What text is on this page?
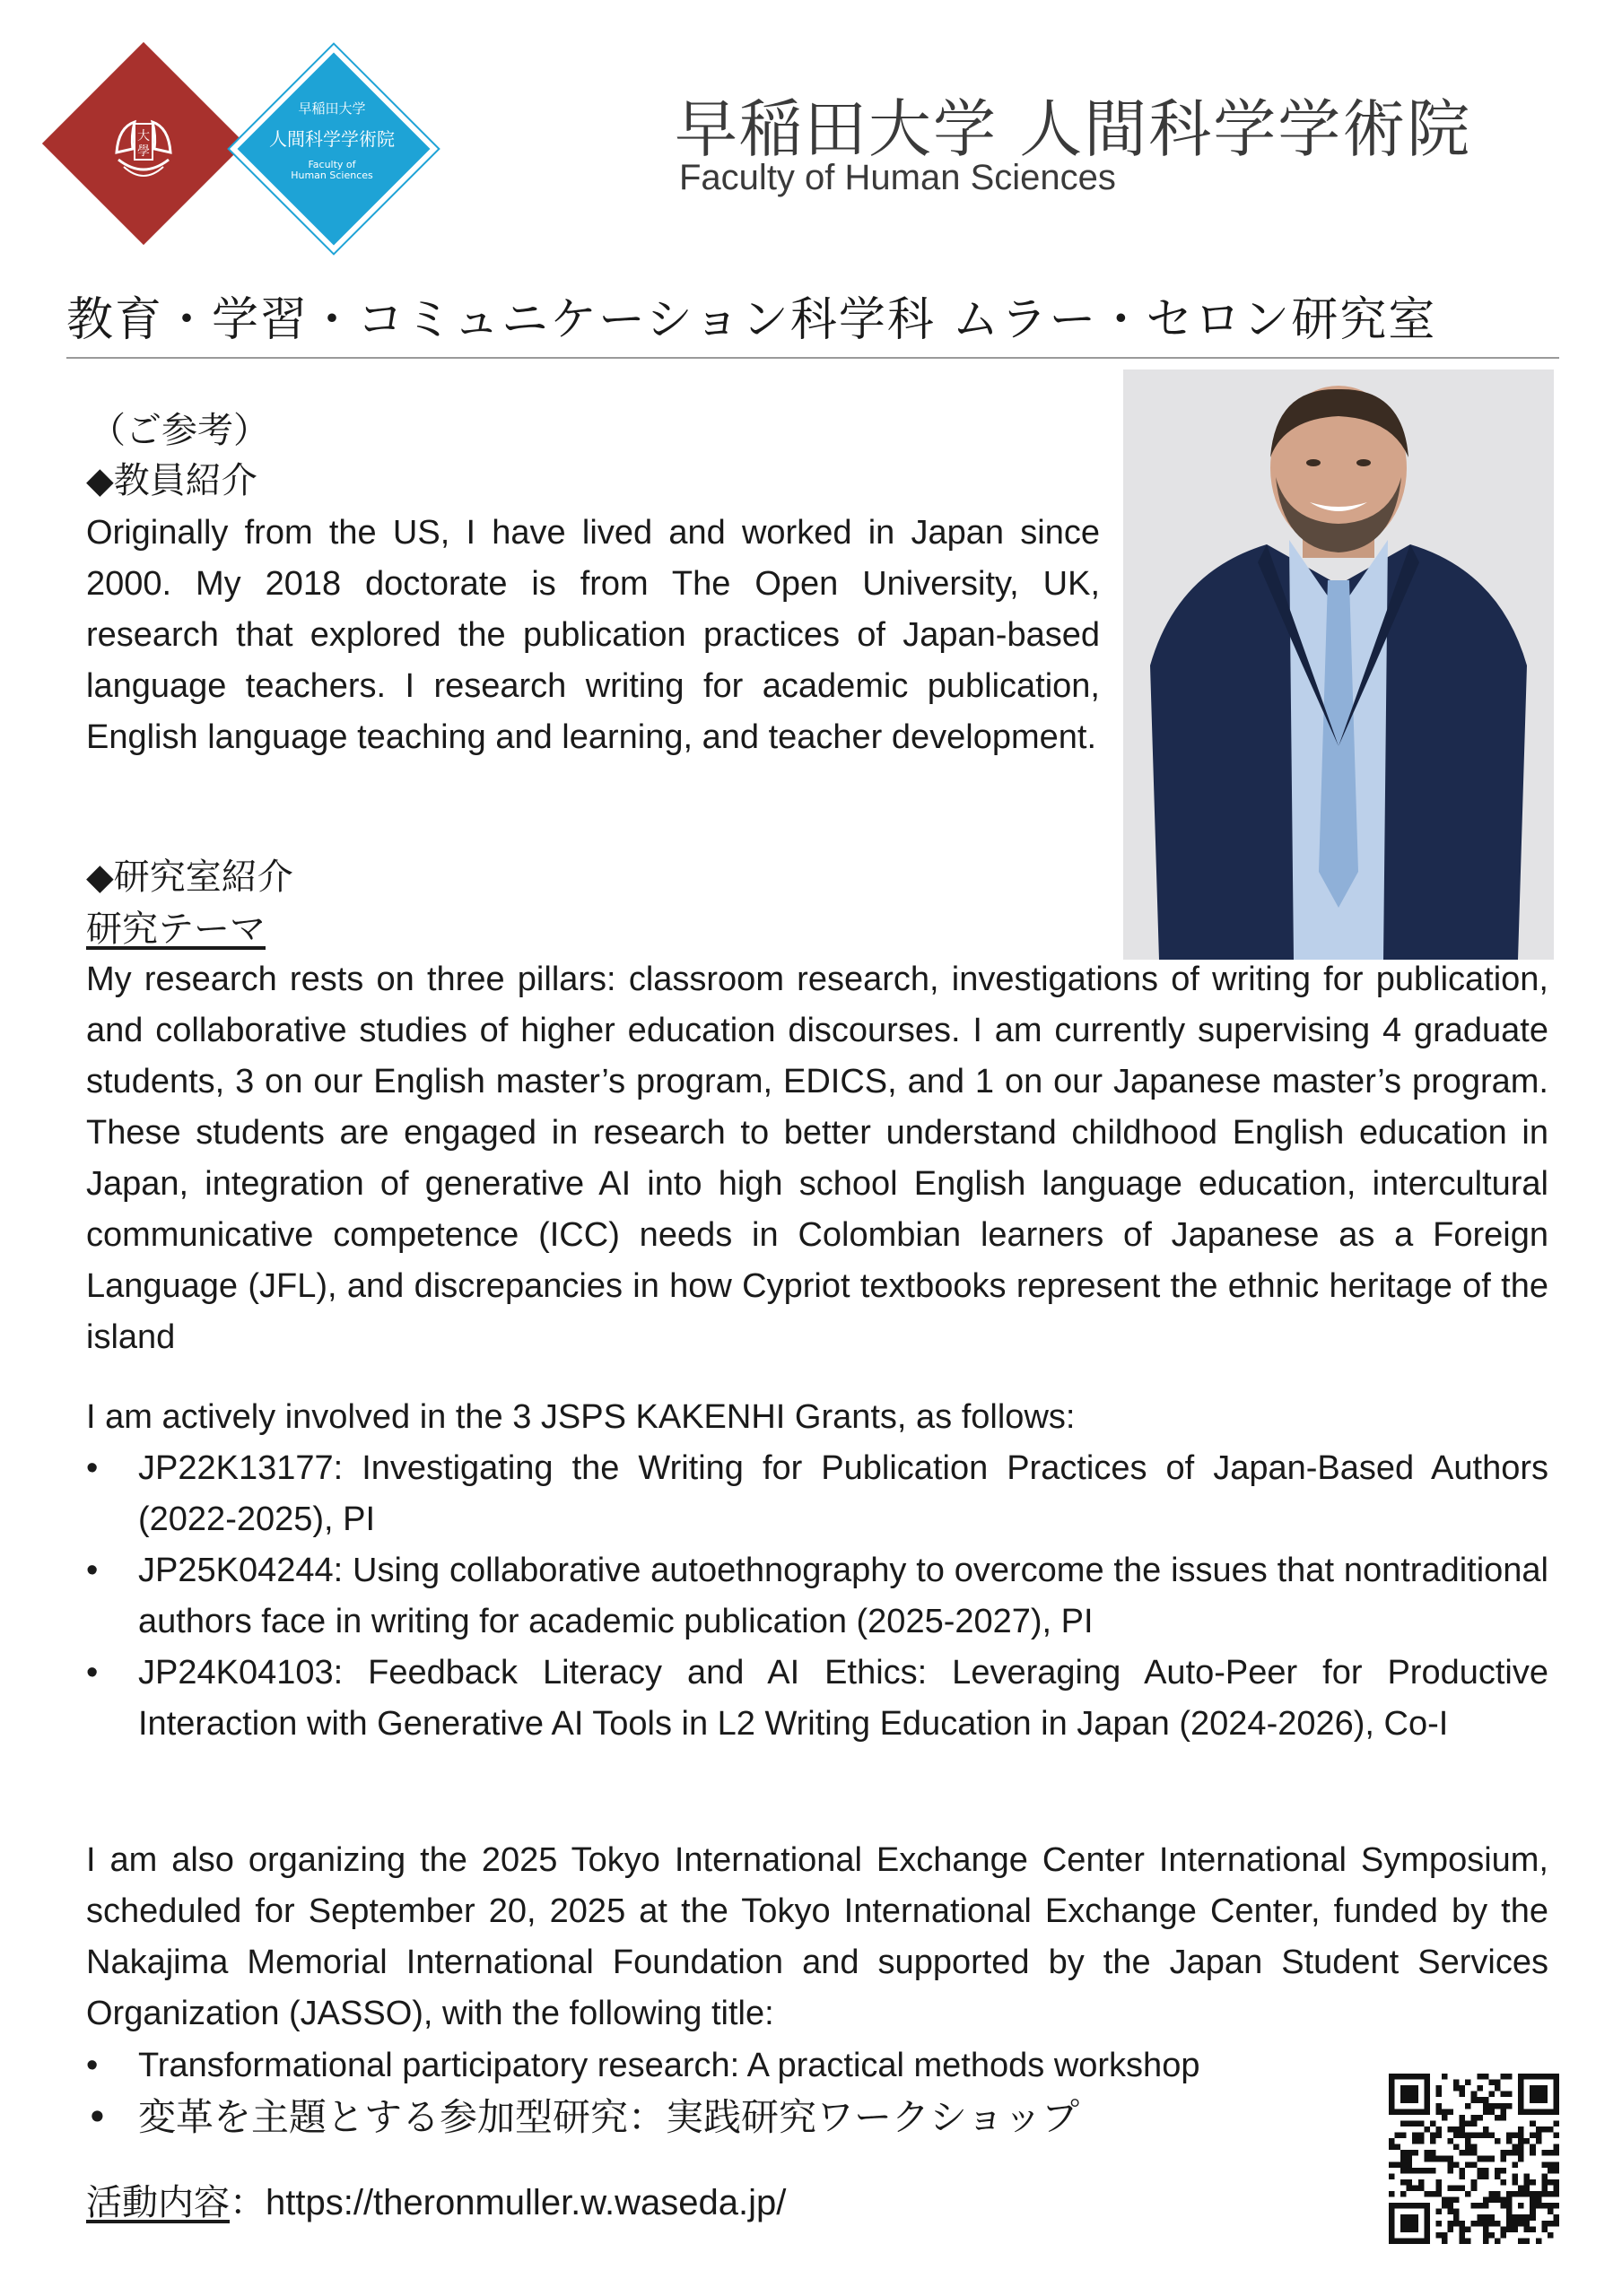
大
學
早稲田大学
人間科学学術院
Faculty of
Human Sciences
早稲田大学 人間科学学術院
Faculty of Human Sciences
教育・学習・コミュニケーション科学科 ムラー・セロン研究室
（ご参考）
◆教員紹介
Originally from the US, I have lived and worked in Japan since 2000. My 2018 doctorate is from The Open University, UK, research that explored the publication practices of Japan-based language teachers. I research writing for academic publication, English language teaching and learning, and teacher development.
◆研究室紹介
研究テーマ
My research rests on three pillars: classroom research, investigations of writing for publication, and collaborative studies of higher education discourses. I am currently supervising 4 graduate students, 3 on our English master’s program, EDICS, and 1 on our Japanese master’s program. These students are engaged in research to better understand childhood English education in Japan, integration of generative AI into high school English language education, intercultural communicative competence (ICC) needs in Colombian learners of Japanese as a Foreign Language (JFL), and discrepancies in how Cypriot textbooks represent the ethnic heritage of the island
I am actively involved in the 3 JSPS KAKENHI Grants, as follows:
• JP22K13177: Investigating the Writing for Publication Practices of Japan-Based Authors (2022-2025), PI
• JP25K04244: Using collaborative autoethnography to overcome the issues that nontraditional authors face in writing for academic publication (2025-2027), PI
• JP24K04103: Feedback Literacy and AI Ethics: Leveraging Auto-Peer for Productive Interaction with Generative AI Tools in L2 Writing Education in Japan (2024-2026), Co-I
I am also organizing the 2025 Tokyo International Exchange Center International Symposium, scheduled for September 20, 2025 at the Tokyo International Exchange Center, funded by the Nakajima Memorial International Foundation and supported by the Japan Student Services Organization (JASSO), with the following title:
• Transformational participatory research: A practical methods workshop
• 変革を主題とする参加型研究：実践研究ワークショップ
活動内容：https://theronmuller.w.waseda.jp/
